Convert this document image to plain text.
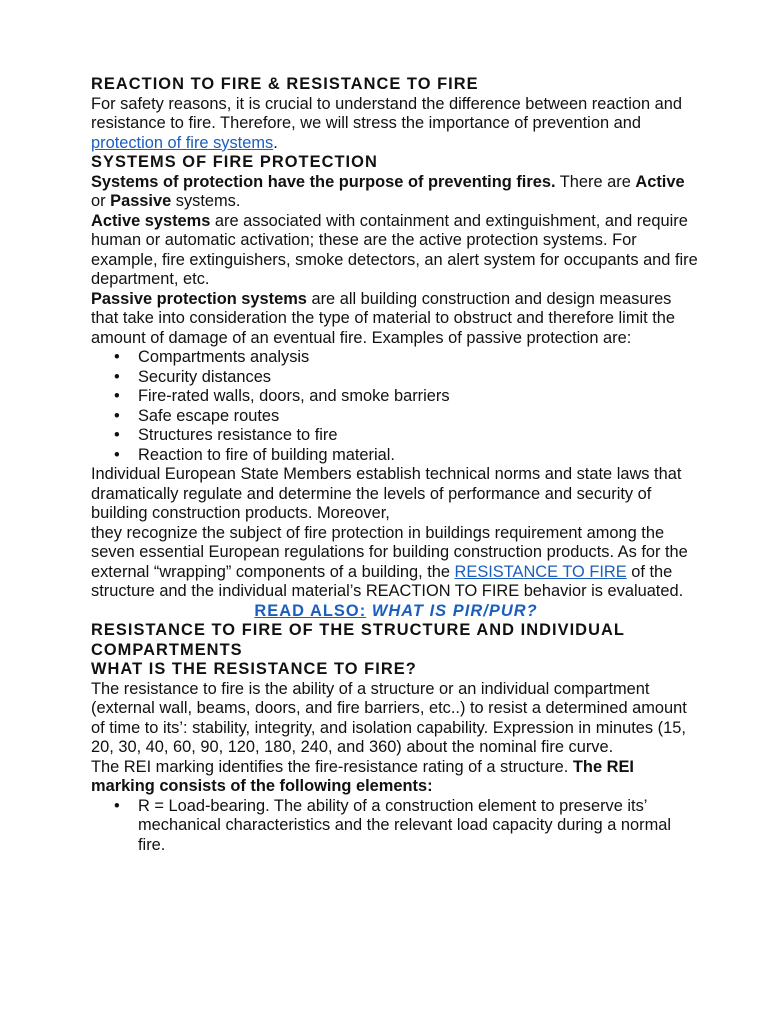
REACTION TO FIRE & RESISTANCE TO FIRE

For safety reasons, it is crucial to understand the difference between reaction and resistance to fire. Therefore, we will stress the importance of prevention and protection of fire systems.

SYSTEMS OF FIRE PROTECTION

Systems of protection have the purpose of preventing fires. There are Active or Passive systems.

Active systems are associated with containment and extinguishment, and require human or automatic activation; these are the active protection systems. For example, fire extinguishers, smoke detectors, an alert system for occupants and fire department, etc.

Passive protection systems are all building construction and design measures that take into consideration the type of material to obstruct and therefore limit the amount of damage of an eventual fire. Examples of passive protection are:

• Compartments analysis
• Security distances
• Fire-rated walls, doors, and smoke barriers
• Safe escape routes
• Structures resistance to fire
• Reaction to fire of building material.

Individual European State Members establish technical norms and state laws that dramatically regulate and determine the levels of performance and security of building construction products. Moreover,

they recognize the subject of fire protection in buildings requirement among the seven essential European regulations for building construction products. As for the external “wrapping” components of a building, the RESISTANCE TO FIRE of the structure and the individual material’s REACTION TO FIRE behavior is evaluated.

READ ALSO: WHAT IS PIR/PUR?

RESISTANCE TO FIRE OF THE STRUCTURE AND INDIVIDUAL COMPARTMENTS
WHAT IS THE RESISTANCE TO FIRE?

The resistance to fire is the ability of a structure or an individual compartment (external wall, beams, doors, and fire barriers, etc..) to resist a determined amount of time to its’: stability, integrity, and isolation capability. Expression in minutes (15, 20, 30, 40, 60, 90, 120, 180, 240, and 360) about the nominal fire curve.

The REI marking identifies the fire-resistance rating of a structure. The REI marking consists of the following elements:

• R = Load-bearing. The ability of a construction element to preserve its’ mechanical characteristics and the relevant load capacity during a normal fire.
